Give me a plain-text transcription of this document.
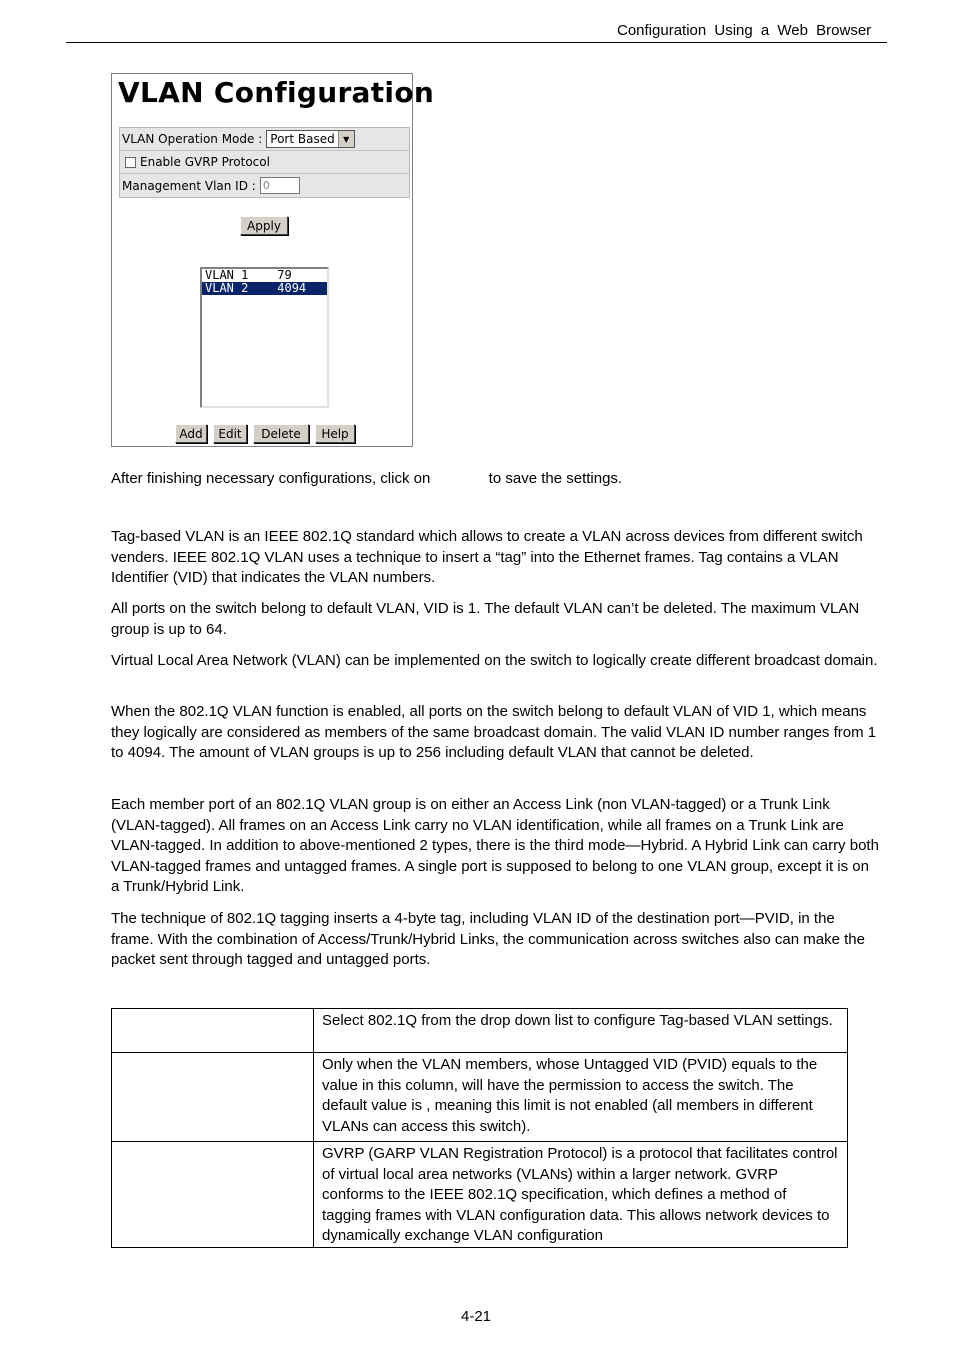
Configuration Using a Web Browser
VLAN Configuration
VLAN Operation Mode : Port Based	▼
Enable GVRP Protocol
Management Vlan ID :
0
Apply
VLAN 1    79
VLAN 2    4094
Add	Edit	Delete	Help
After finishing necessary configurations, click on	to save the settings.
Tag-based VLAN is an IEEE 802.1Q standard which allows to create a VLAN across devices from different switch venders. IEEE 802.1Q VLAN uses a technique to insert a “tag” into the Ethernet frames. Tag contains a VLAN Identifier (VID) that indicates the VLAN numbers.
All ports on the switch belong to default VLAN, VID is 1. The default VLAN can’t be deleted. The maximum VLAN group is up to 64.
Virtual Local Area Network (VLAN) can be implemented on the switch to logically create different broadcast domain.
When the 802.1Q VLAN function is enabled, all ports on the switch belong to default VLAN of VID 1, which means they logically are considered as members of the same broadcast domain. The valid VLAN ID number ranges from 1 to 4094. The amount of VLAN groups is up to 256 including default VLAN that cannot be deleted.
Each member port of an 802.1Q VLAN group is on either an Access Link (non VLAN-tagged) or a Trunk Link (VLAN-tagged). All frames on an Access Link carry no VLAN identification, while all frames on a Trunk Link are VLAN-tagged. In addition to above-mentioned 2 types, there is the third mode—Hybrid. A Hybrid Link can carry both VLAN-tagged frames and untagged frames. A single port is supposed to belong to one VLAN group, except it is on a Trunk/Hybrid Link.
The technique of 802.1Q tagging inserts a 4-byte tag, including VLAN ID of the destination port—PVID, in the frame. With the combination of Access/Trunk/Hybrid Links, the communication across switches also can make the packet sent through tagged and untagged ports.
	Select 802.1Q from the drop down list to configure Tag-based VLAN settings.
	Only when the VLAN members, whose Untagged VID (PVID) equals to the value in this column, will have the permission to access the switch. The default value is , meaning this limit is not enabled (all members in different VLANs can access this switch).
	GVRP (GARP VLAN Registration Protocol) is a protocol that facilitates control of virtual local area networks (VLANs) within a larger network. GVRP conforms to the IEEE 802.1Q specification, which defines a method of tagging frames with VLAN configuration data. This allows network devices to dynamically exchange VLAN configuration
4-21
